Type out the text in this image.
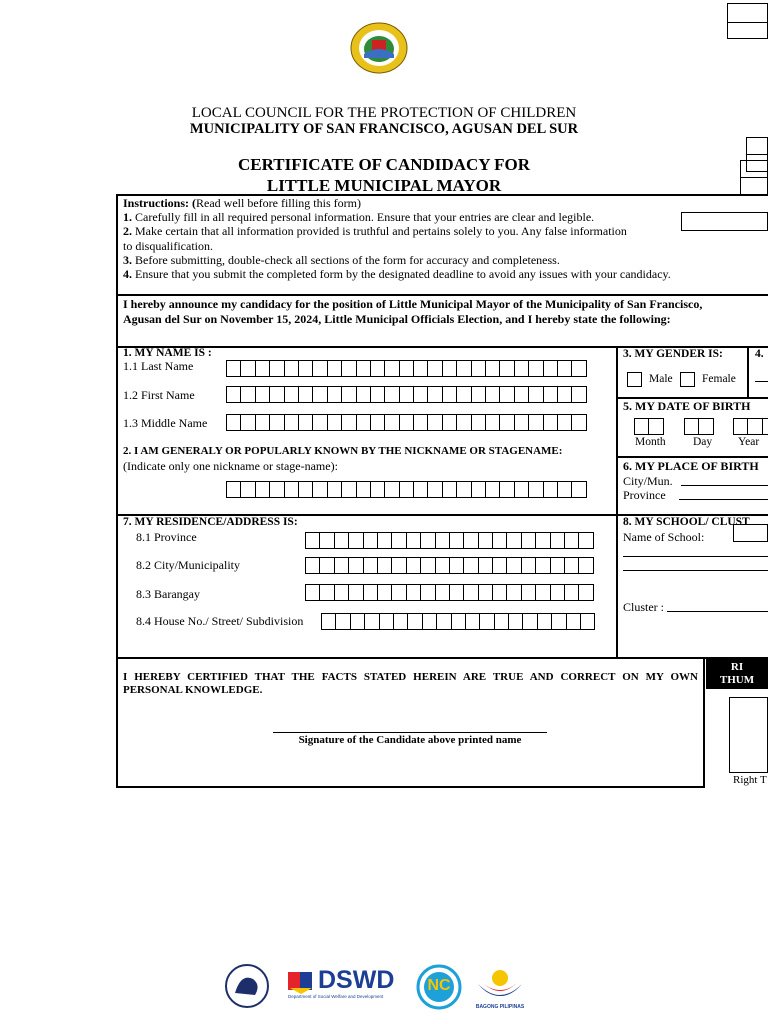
LOCAL COUNCIL FOR THE PROTECTION OF CHILDREN
MUNICIPALITY OF SAN FRANCISCO, AGUSAN DEL SUR
CERTIFICATE OF CANDIDACY FOR
LITTLE MUNICIPAL MAYOR
Instructions: (Read well before filling this form)
1. Carefully fill in all required personal information. Ensure that your entries are clear and legible.
2. Make certain that all information provided is truthful and pertains solely to you. Any false information
to disqualification.
3. Before submitting, double-check all sections of the form for accuracy and completeness.
4. Ensure that you submit the completed form by the designated deadline to avoid any issues with your candidacy.
I hereby announce my candidacy for the position of Little Municipal Mayor of the Municipality of San Francisco,
Agusan del Sur on November 15, 2024, Little Municipal Officials Election, and I hereby state the following:
1. MY NAME IS :
1.1 Last Name
1.2 First Name
1.3 Middle Name
2. I AM GENERALY OR POPULARLY KNOWN BY THE NICKNAME OR STAGENAME:
(Indicate only one nickname or stage-name):
3. MY GENDER IS:	4.
Male	Female
5. MY DATE OF BIRTH
Month Day Year
6. MY PLACE OF BIRTH
City/Mun.
Province
7. MY RESIDENCE/ADDRESS IS:
8.1 Province
8.2 City/Municipality
8.3 Barangay
8.4 House No./ Street/ Subdivision
8. MY SCHOOL/ CLUST
Name of School:
Cluster :
I HEREBY CERTIFIED THAT THE FACTS STATED HEREIN ARE TRUE AND CORRECT ON MY OWN
PERSONAL KNOWLEDGE.
Signature of the Candidate above printed name
RI
THUM
Right T
DSWD
Department of Social Welfare and Development
NC
BAGONG PILIPINAS
